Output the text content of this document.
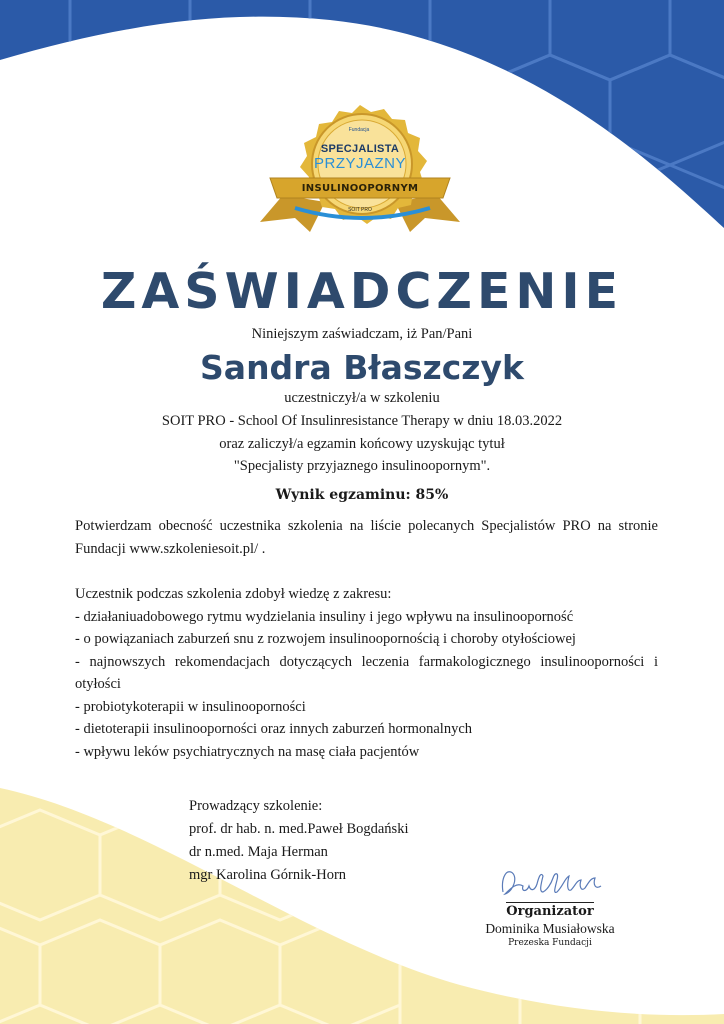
Fundacja
SPECJALISTA
PRZYJAZNY
INSULINOOPORNYM
SOIT PRO
ZAŚWIADCZENIE
Niniejszym zaświadczam, iż Pan/Pani
Sandra Błaszczyk
uczestniczył/a w szkoleniu
SOIT PRO - School Of Insulinresistance Therapy w dniu 18.03.2022
oraz zaliczył/a egzamin końcowy uzyskując tytuł
"Specjalisty przyjaznego insulinoopornym".
Wynik egzaminu: 85%
Potwierdzam obecność uczestnika szkolenia na liście polecanych Specjalistów PRO na stronie Fundacji www.szkoleniesoit.pl/ .
Uczestnik podczas szkolenia zdobył wiedzę z zakresu:
- działaniuadobowego rytmu wydzielania insuliny i jego wpływu na insulinooporność
- o powiązaniach zaburzeń snu z rozwojem insulinoopornością i choroby otyłościowej
- najnowszych rekomendacjach dotyczących leczenia farmakologicznego insulinooporności i otyłości
- probiotykoterapii w insulinooporności
- dietoterapii insulinooporności oraz innych zaburzeń hormonalnych
- wpływu leków psychiatrycznych na masę ciała pacjentów
Prowadzący szkolenie:
prof. dr hab. n. med.Paweł Bogdański
dr n.med. Maja Herman
mgr Karolina Górnik-Horn
Organizator
Dominika Musiałowska
Prezeska Fundacji
